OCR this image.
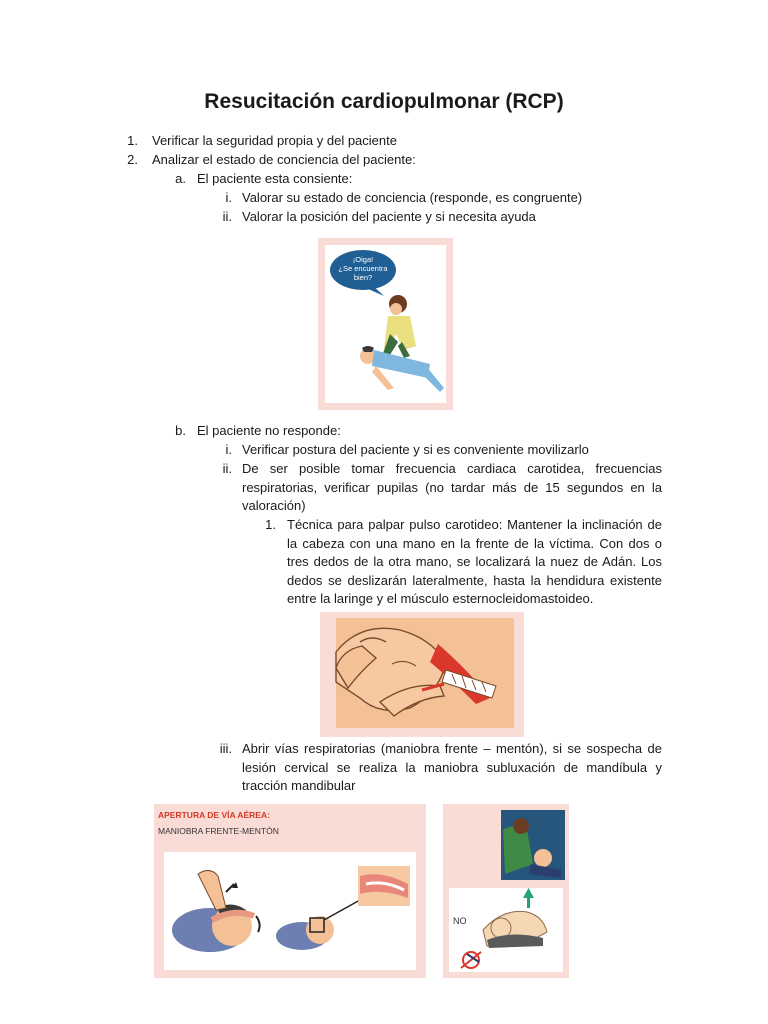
Resucitación cardiopulmonar (RCP)
1. Verificar la seguridad propia y del paciente
2. Analizar el estado de conciencia del paciente:
a. El paciente esta consiente:
i. Valorar su estado de conciencia (responde, es congruente)
ii. Valorar la posición del paciente y si necesita ayuda
¡Oiga!
¿Se encuentra
bien?
b. El paciente no responde:
i. Verificar postura del paciente y si es conveniente movilizarlo
ii. De ser posible tomar frecuencia cardiaca carotidea, frecuencias respiratorias, verificar pupilas (no tardar más de 15 segundos en la valoración)
1. Técnica para palpar pulso carotideo: Mantener la inclinación de la cabeza con una mano en la frente de la víctima. Con dos o tres dedos de la otra mano, se localizará la nuez de Adán. Los dedos se deslizarán lateralmente, hasta la hendidura existente entre la laringe y el músculo esternocleidomastoideo.
iii. Abrir vías respiratorias (maniobra frente – mentón), si se sospecha de lesión cervical se realiza la maniobra subluxación de mandíbula y tracción mandibular
APERTURA DE VÍA AÉREA:
MANIOBRA FRENTE-MENTÓN
NO
